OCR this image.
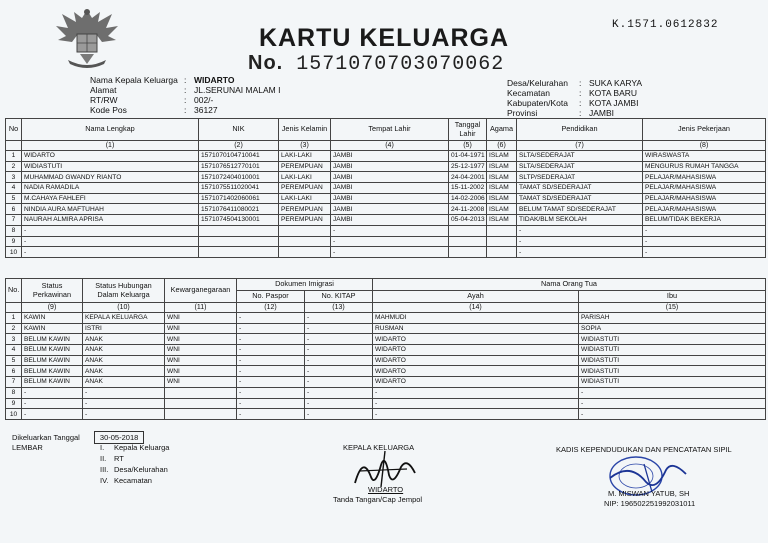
K.1571.0612832
KARTU KELUARGA
No. 1571070703070062
Nama Kepala Keluarga : WIDARTO
Alamat	: JL.SERUNAI MALAM I
RT/RW	: 002/-
Kode Pos	: 36127
Desa/Kelurahan	: SUKA KARYA
Kecamatan	: KOTA BARU
Kabupaten/Kota	: KOTA JAMBI
Provinsi	: JAMBI
No	Nama Lengkap	NIK	Jenis Kelamin	Tempat Lahir	Tanggal Lahir	Agama	Pendidikan	Jenis Pekerjaan
	(1)	(2)	(3)	(4)	(5)	(6)	(7)	(8)
1	WIDARTO	1571070104710041	LAKI-LAKI	JAMBI	01-04-1971	ISLAM	SLTA/SEDERAJAT	WIRASWASTA
2	WIDIASTUTI	1571076512770101	PEREMPUAN	JAMBI	25-12-1977	ISLAM	SLTA/SEDERAJAT	MENGURUS RUMAH TANGGA
3	MUHAMMAD GWANDY RIANTO	1571072404010001	LAKI-LAKI	JAMBI	24-04-2001	ISLAM	SLTP/SEDERAJAT	PELAJAR/MAHASISWA
4	NADIA RAMADILA	1571075511020041	PEREMPUAN	JAMBI	15-11-2002	ISLAM	TAMAT SD/SEDERAJAT	PELAJAR/MAHASISWA
5	M.CAHAYA FAHLEFI	1571071402060061	LAKI-LAKI	JAMBI	14-02-2006	ISLAM	TAMAT SD/SEDERAJAT	PELAJAR/MAHASISWA
6	NINDIA AURA MAFTUHAH	1571076411080021	PEREMPUAN	JAMBI	24-11-2008	ISLAM	BELUM TAMAT SD/SEDERAJAT	PELAJAR/MAHASISWA
7	NAURAH ALMIRA APRISA	1571074504130001	PEREMPUAN	JAMBI	05-04-2013	ISLAM	TIDAK/BLM SEKOLAH	BELUM/TIDAK BEKERJA
8	-			-			-	-
9	-			-			-	-
10	-			-			-	-
No.	Status Perkawinan	Status Hubungan Dalam Keluarga	Kewarganegaraan	Dokumen Imigrasi		Nama Orang Tua	
				No. Paspor	No. KITAP	Ayah	Ibu
	(9)	(10)	(11)	(12)	(13)	(14)	(15)
1	KAWIN	KEPALA KELUARGA	WNI	-	-	MAHMUDI	PARISAH
2	KAWIN	ISTRI	WNI	-	-	RUSMAN	SOPIA
3	BELUM KAWIN	ANAK	WNI	-	-	WIDARTO	WIDIASTUTI
4	BELUM KAWIN	ANAK	WNI	-	-	WIDARTO	WIDIASTUTI
5	BELUM KAWIN	ANAK	WNI	-	-	WIDARTO	WIDIASTUTI
6	BELUM KAWIN	ANAK	WNI	-	-	WIDARTO	WIDIASTUTI
7	BELUM KAWIN	ANAK	WNI	-	-	WIDARTO	WIDIASTUTI
8	-	-		-	-	-	-
9	-	-		-	-	-	-
10	-	-		-	-	-	-
Dikeluarkan Tanggal	30-05-2018
LEMBAR	I. Kepala Keluarga
II. RT
III. Desa/Kelurahan
IV. Kecamatan
KEPALA KELUARGA
WIDARTO
Tanda Tangan/Cap Jempol
KADIS KEPENDUDUKAN DAN PENCATATAN SIPIL
M. MISWAN YATUB, SH
NIP: 196502251992031011
